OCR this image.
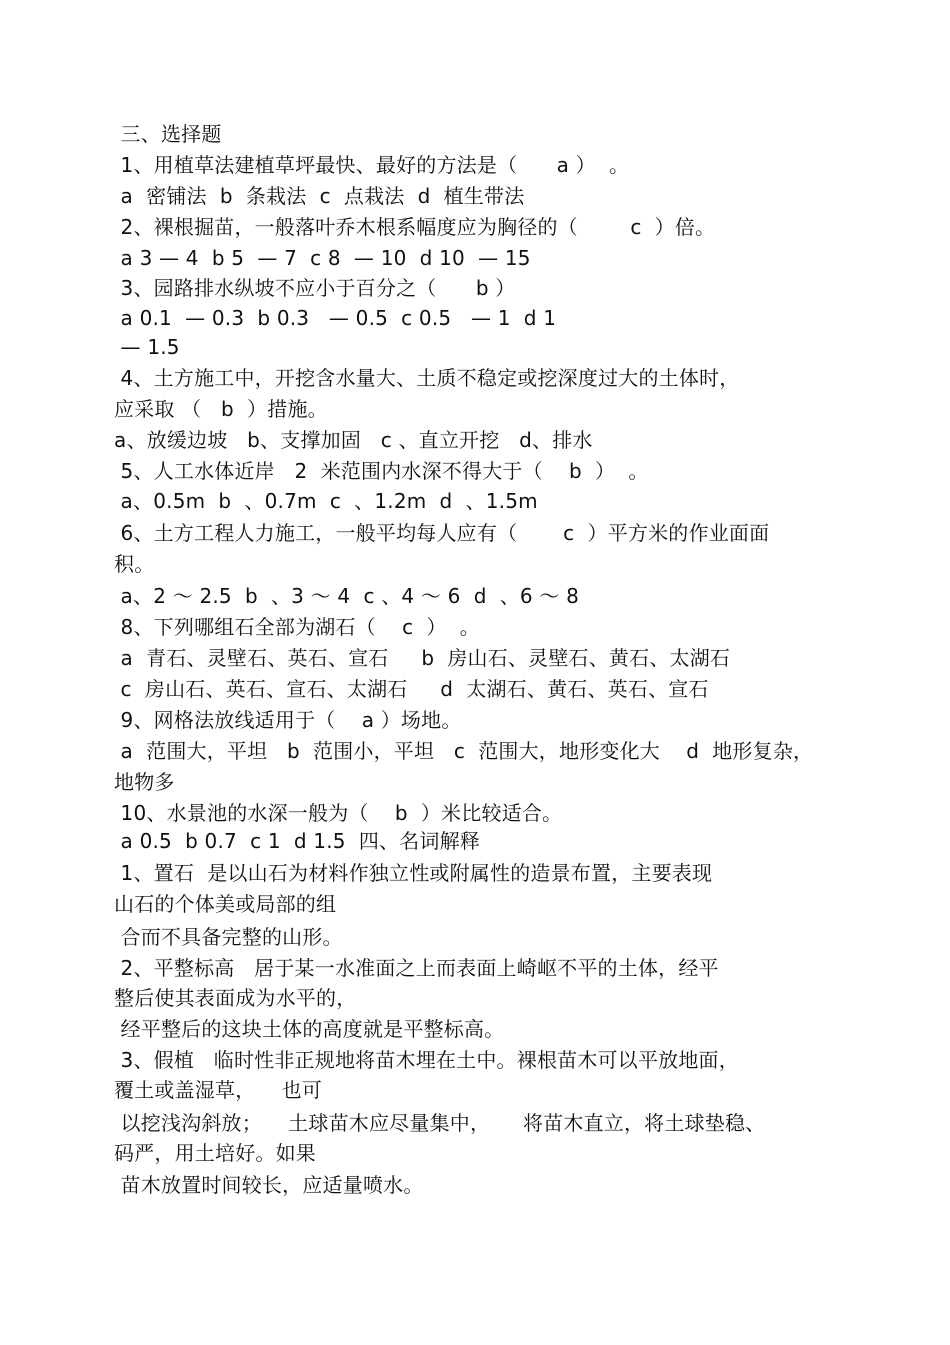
三、选择题
1、用植草法建植草坪最快、最好的方法是（      a ）  。
a  密铺法  b  条栽法  c  点栽法  d  植生带法
2、裸根掘苗，一般落叶乔木根系幅度应为胸径的（        c  ）倍。
a 3 — 4  b 5  — 7  c 8  — 10  d 10  — 15
3、园路排水纵坡不应小于百分之（      b ）
a 0.1  — 0.3  b 0.3   — 0.5  c 0.5   — 1  d 1
— 1.5
4、土方施工中，开挖含水量大、土质不稳定或挖深度过大的土体时，
应采取 （   b  ）措施。
a、放缓边坡   b、支撑加固   c 、直立开挖   d、排水
5、人工水体近岸   2  米范围内水深不得大于（    b  ）  。
a、0.5m  b  、0.7m  c  、1.2m  d  、1.5m
6、土方工程人力施工，一般平均每人应有（       c  ）平方米的作业面面
积。
a、2 ～ 2.5  b  、3 ～ 4  c 、4 ～ 6  d  、6 ～ 8
8、下列哪组石全部为湖石（    c  ）  。
a  青石、灵壁石、英石、宣石     b  房山石、灵壁石、黄石、太湖石
c  房山石、英石、宣石、太湖石     d  太湖石、黄石、英石、宣石
9、网格法放线适用于（    a ）场地。
a  范围大，平坦   b  范围小，平坦   c  范围大，地形变化大    d  地形复杂，
地物多
10、水景池的水深一般为（    b  ）米比较适合。
a 0.5  b 0.7  c 1  d 1.5  四、名词解释
1、置石  是以山石为材料作独立性或附属性的造景布置，主要表现
山石的个体美或局部的组
合而不具备完整的山形。
2、平整标高   居于某一水准面之上而表面上崎岖不平的土体，经平
整后使其表面成为水平的，
经平整后的这块土体的高度就是平整标高。
3、假植   临时性非正规地将苗木埋在土中。裸根苗木可以平放地面，
覆土或盖湿草，    也可
以挖浅沟斜放；    土球苗木应尽量集中，     将苗木直立，将土球垫稳、
码严，用土培好。如果
苗木放置时间较长，应适量喷水。
